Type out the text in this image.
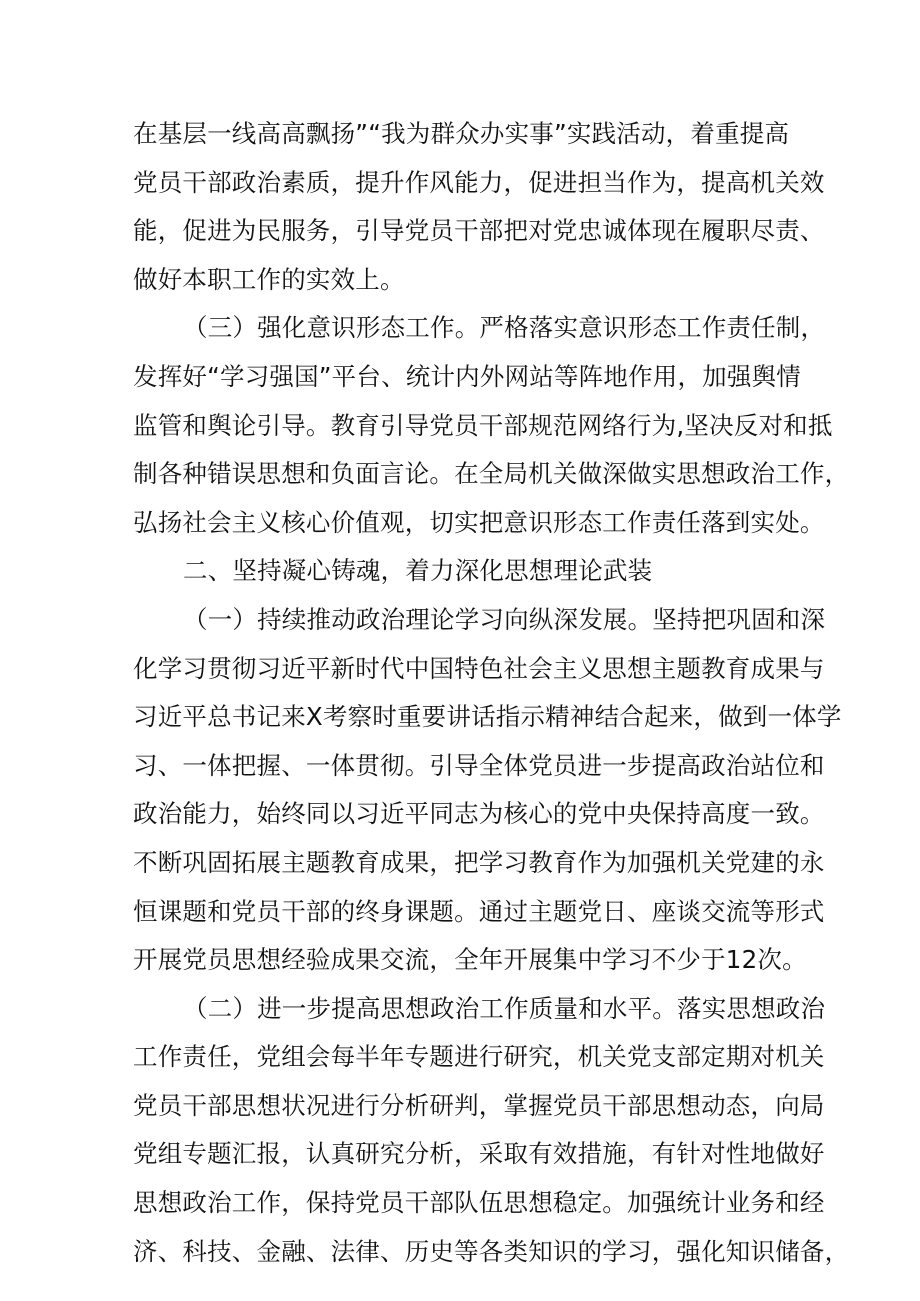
在基层一线高高飘扬”“我为群众办实事”实践活动，着重提高
党员干部政治素质，提升作风能力，促进担当作为，提高机关效
能，促进为民服务，引导党员干部把对党忠诚体现在履职尽责、
做好本职工作的实效上。
（三）强化意识形态工作。严格落实意识形态工作责任制，
发挥好“学习强国”平台、统计内外网站等阵地作用，加强舆情
监管和舆论引导。教育引导党员干部规范网络行为,坚决反对和抵
制各种错误思想和负面言论。在全局机关做深做实思想政治工作，
弘扬社会主义核心价值观，切实把意识形态工作责任落到实处。
二、坚持凝心铸魂，着力深化思想理论武装
（一）持续推动政治理论学习向纵深发展。坚持把巩固和深
化学习贯彻习近平新时代中国特色社会主义思想主题教育成果与
习近平总书记来X考察时重要讲话指示精神结合起来，做到一体学
习、一体把握、一体贯彻。引导全体党员进一步提高政治站位和
政治能力，始终同以习近平同志为核心的党中央保持高度一致。
不断巩固拓展主题教育成果，把学习教育作为加强机关党建的永
恒课题和党员干部的终身课题。通过主题党日、座谈交流等形式
开展党员思想经验成果交流，全年开展集中学习不少于12次。
（二）进一步提高思想政治工作质量和水平。落实思想政治
工作责任，党组会每半年专题进行研究，机关党支部定期对机关
党员干部思想状况进行分析研判，掌握党员干部思想动态，向局
党组专题汇报，认真研究分析，采取有效措施，有针对性地做好
思想政治工作，保持党员干部队伍思想稳定。加强统计业务和经
济、科技、金融、法律、历史等各类知识的学习，强化知识储备，
